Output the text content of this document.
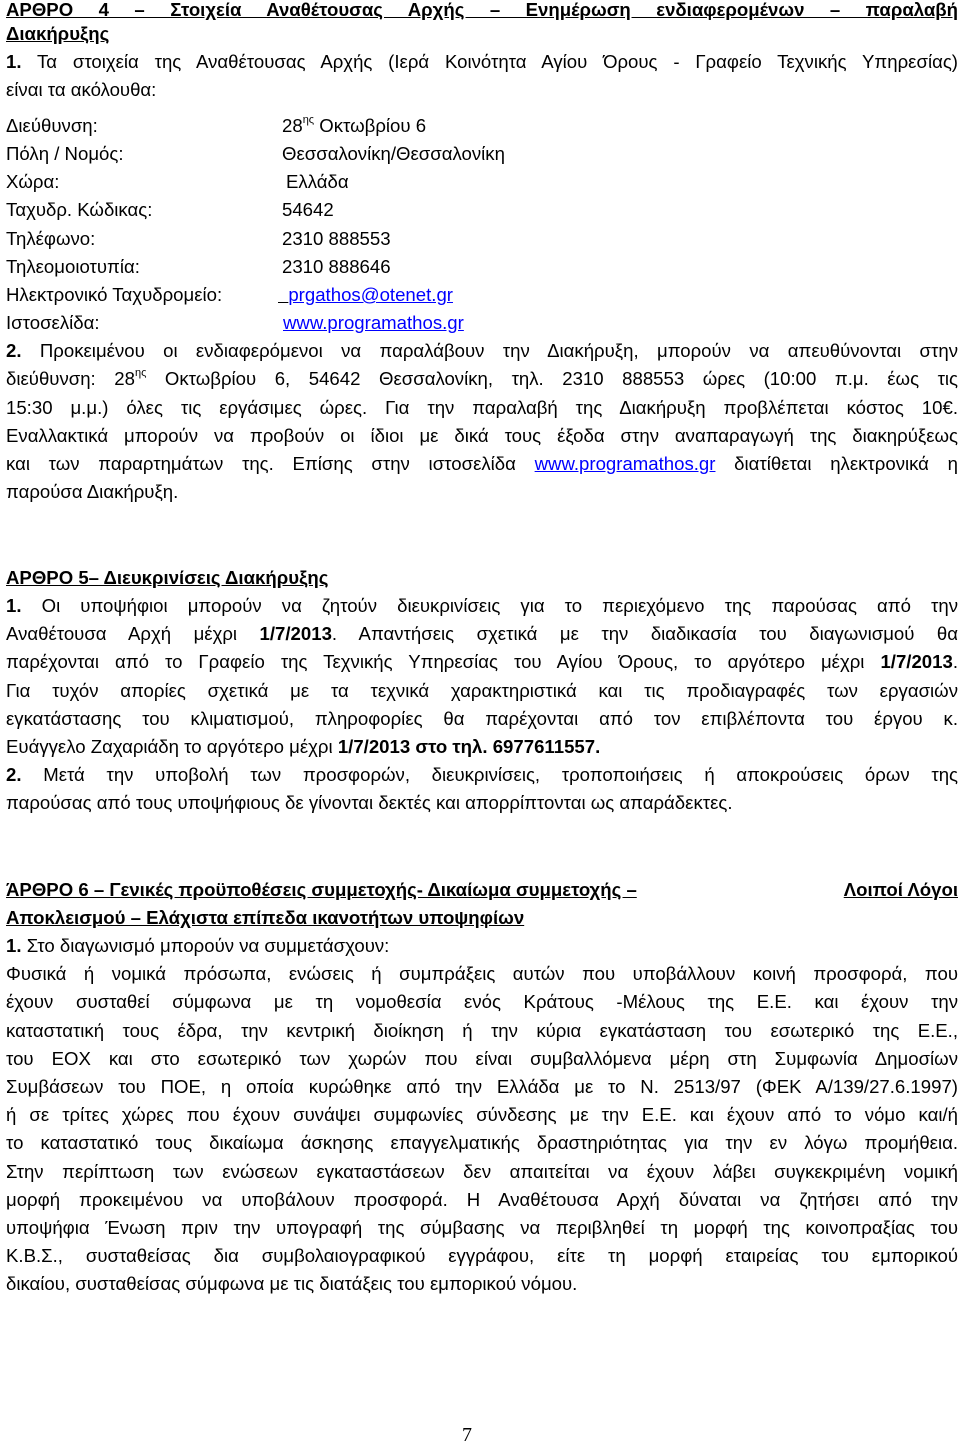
ΑΡΘΡΟ 4 – Στοιχεία Αναθέτουσας Αρχής – Ενημέρωση ενδιαφερομένων – παραλαβή
Διακήρυξης
1. Τα στοιχεία της Αναθέτουσας Αρχής (Ιερά Κοινότητα Αγίου Όρους - Γραφείο Τεχνικής Υπηρεσίας)
είναι τα ακόλουθα:
Διεύθυνση:	$28^{\eta\varsigma}$ Οκτωβρίου 6
Πόλη / Νομός:	Θεσσαλονίκη/Θεσσαλονίκη
Χώρα:	Ελλάδα
Ταχυδρ. Κώδικας:	54642
Τηλέφωνο:	2310 888553
Τηλεομοιοτυπία:	2310 888646
Ηλεκτρονικό Ταχυδρομείο:	prgathos@otenet.gr
Ιστοσελίδα:	www.programathos.gr
2. Προκειμένου οι ενδιαφερόμενοι να παραλάβουν την Διακήρυξη, μπορούν να απευθύνονται στην
διεύθυνση: $28^{\eta\varsigma}$ Οκτωβρίου 6, 54642 Θεσσαλονίκη, τηλ. 2310 888553 ώρες (10:00 π.μ. έως τις
15:30 μ.μ.) όλες τις εργάσιμες ώρες. Για την παραλαβή της Διακήρυξη προβλέπεται κόστος 10€.
Εναλλακτικά μπορούν να προβούν οι ίδιοι με δικά τους έξοδα στην αναπαραγωγή της διακηρύξεως
και των παραρτημάτων της. Επίσης στην ιστοσελίδα www.programathos.gr διατίθεται ηλεκτρονικά η
παρούσα Διακήρυξη.
ΑΡΘΡΟ 5– Διευκρινίσεις Διακήρυξης
1. Οι υποψήφιοι μπορούν να ζητούν διευκρινίσεις για το περιεχόμενο της παρούσας από την
Αναθέτουσα Αρχή μέχρι 1/7/2013. Απαντήσεις σχετικά με την διαδικασία του διαγωνισμού θα
παρέχονται από το Γραφείο της Τεχνικής Υπηρεσίας του Αγίου Όρους, το αργότερο μέχρι 1/7/2013.
Για τυχόν απορίες σχετικά με τα τεχνικά χαρακτηριστικά και τις προδιαγραφές των εργασιών
εγκατάστασης του κλιματισμού, πληροφορίες θα παρέχονται από τον επιβλέποντα του έργου κ.
Ευάγγελο Ζαχαριάδη το αργότερο μέχρι 1/7/2013 στο τηλ. 6977611557.
2. Μετά την υποβολή των προσφορών, διευκρινίσεις, τροποποιήσεις ή αποκρούσεις όρων της
παρούσας από τους υποψήφιους δε γίνονται δεκτές και απορρίπτονται ως απαράδεκτες.
ΆΡΘΡΟ 6 – Γενικές προϋποθέσεις συμμετοχής- Δικαίωμα συμμετοχής –	Λοιποί Λόγοι
Αποκλεισμού – Ελάχιστα επίπεδα ικανοτήτων υποψηφίων
1. Στο διαγωνισμό μπορούν να συμμετάσχουν:
Φυσικά ή νομικά πρόσωπα, ενώσεις ή συμπράξεις αυτών που υποβάλλουν κοινή προσφορά, που
έχουν συσταθεί σύμφωνα με τη νομοθεσία ενός Κράτους -Μέλους της Ε.Ε. και έχουν την
καταστατική τους έδρα, την κεντρική διοίκηση ή την κύρια εγκατάσταση του εσωτερικό της Ε.Ε.,
του ΕΟΧ και στο εσωτερικό των χωρών που είναι συμβαλλόμενα μέρη στη Συμφωνία Δημοσίων
Συμβάσεων του ΠΟΕ, η οποία κυρώθηκε από την Ελλάδα με το Ν. 2513/97 (ΦΕΚ Α/139/27.6.1997)
ή σε τρίτες χώρες που έχουν συνάψει συμφωνίες σύνδεσης με την Ε.Ε. και έχουν από το νόμο και/ή
το καταστατικό τους δικαίωμα άσκησης επαγγελματικής δραστηριότητας για την εν λόγω προμήθεια.
Στην περίπτωση των ενώσεων εγκαταστάσεων δεν απαιτείται να έχουν λάβει συγκεκριμένη νομική
μορφή προκειμένου να υποβάλουν προσφορά. Η Αναθέτουσα Αρχή δύναται να ζητήσει από την
υποψήφια Ένωση πριν την υπογραφή της σύμβασης να περιβληθεί τη μορφή της κοινοπραξίας του
Κ.Β.Σ., συσταθείσας δια συμβολαιογραφικού εγγράφου, είτε τη μορφή εταιρείας του εμπορικού
δικαίου, συσταθείσας σύμφωνα με τις διατάξεις του εμπορικού νόμου.
7
